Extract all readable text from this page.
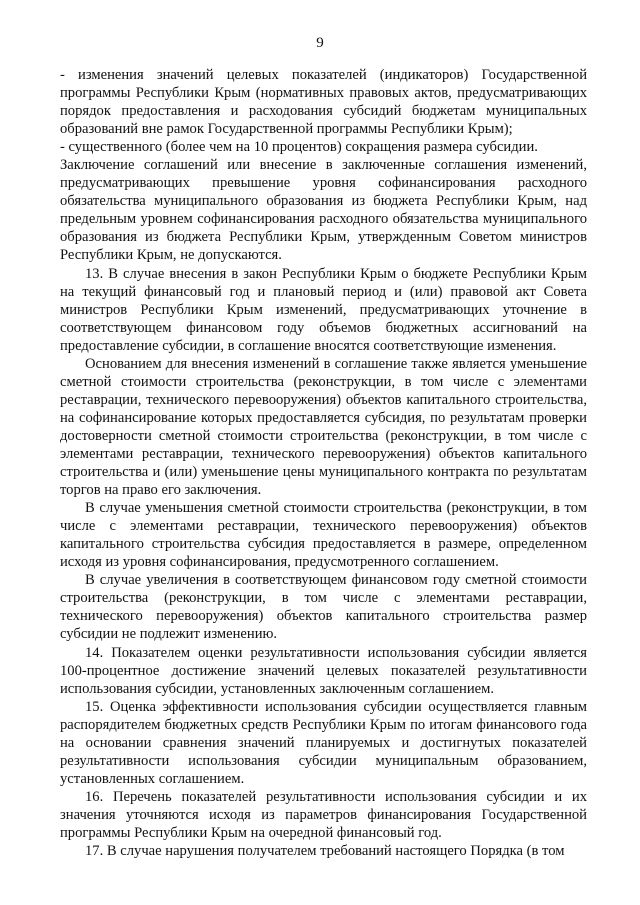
9

- изменения значений целевых показателей (индикаторов) Государственной программы Республики Крым (нормативных правовых актов, предусматривающих порядок предоставления и расходования субсидий бюджетам муниципальных образований вне рамок Государственной программы Республики Крым);

- существенного (более чем на 10 процентов) сокращения размера субсидии.

Заключение соглашений или внесение в заключенные соглашения изменений, предусматривающих превышение уровня софинансирования расходного обязательства муниципального образования из бюджета Республики Крым, над предельным уровнем софинансирования расходного обязательства муниципального образования из бюджета Республики Крым, утвержденным Советом министров Республики Крым, не допускаются.

13. В случае внесения в закон Республики Крым о бюджете Республики Крым на текущий финансовый год и плановый период и (или) правовой акт Совета министров Республики Крым изменений, предусматривающих уточнение в соответствующем финансовом году объемов бюджетных ассигнований на предоставление субсидии, в соглашение вносятся соответствующие изменения.

Основанием для внесения изменений в соглашение также является уменьшение сметной стоимости строительства (реконструкции, в том числе с элементами реставрации, технического перевооружения) объектов капитального строительства, на софинансирование которых предоставляется субсидия, по результатам проверки достоверности сметной стоимости строительства (реконструкции, в том числе с элементами реставрации, технического перевооружения) объектов капитального строительства и (или) уменьшение цены муниципального контракта по результатам торгов на право его заключения.

В случае уменьшения сметной стоимости строительства (реконструкции, в том числе с элементами реставрации, технического перевооружения) объектов капитального строительства субсидия предоставляется в размере, определенном исходя из уровня софинансирования, предусмотренного соглашением.

В случае увеличения в соответствующем финансовом году сметной стоимости строительства (реконструкции, в том числе с элементами реставрации, технического перевооружения) объектов капитального строительства размер субсидии не подлежит изменению.

14. Показателем оценки результативности использования субсидии является 100-процентное достижение значений целевых показателей результативности использования субсидии, установленных заключенным соглашением.

15. Оценка эффективности использования субсидии осуществляется главным распорядителем бюджетных средств Республики Крым по итогам финансового года на основании сравнения значений планируемых и достигнутых показателей результативности использования субсидии муниципальным образованием, установленных соглашением.

16. Перечень показателей результативности использования субсидии и их значения уточняются исходя из параметров финансирования Государственной программы Республики Крым на очередной финансовый год.

17. В случае нарушения получателем требований настоящего Порядка (в том
